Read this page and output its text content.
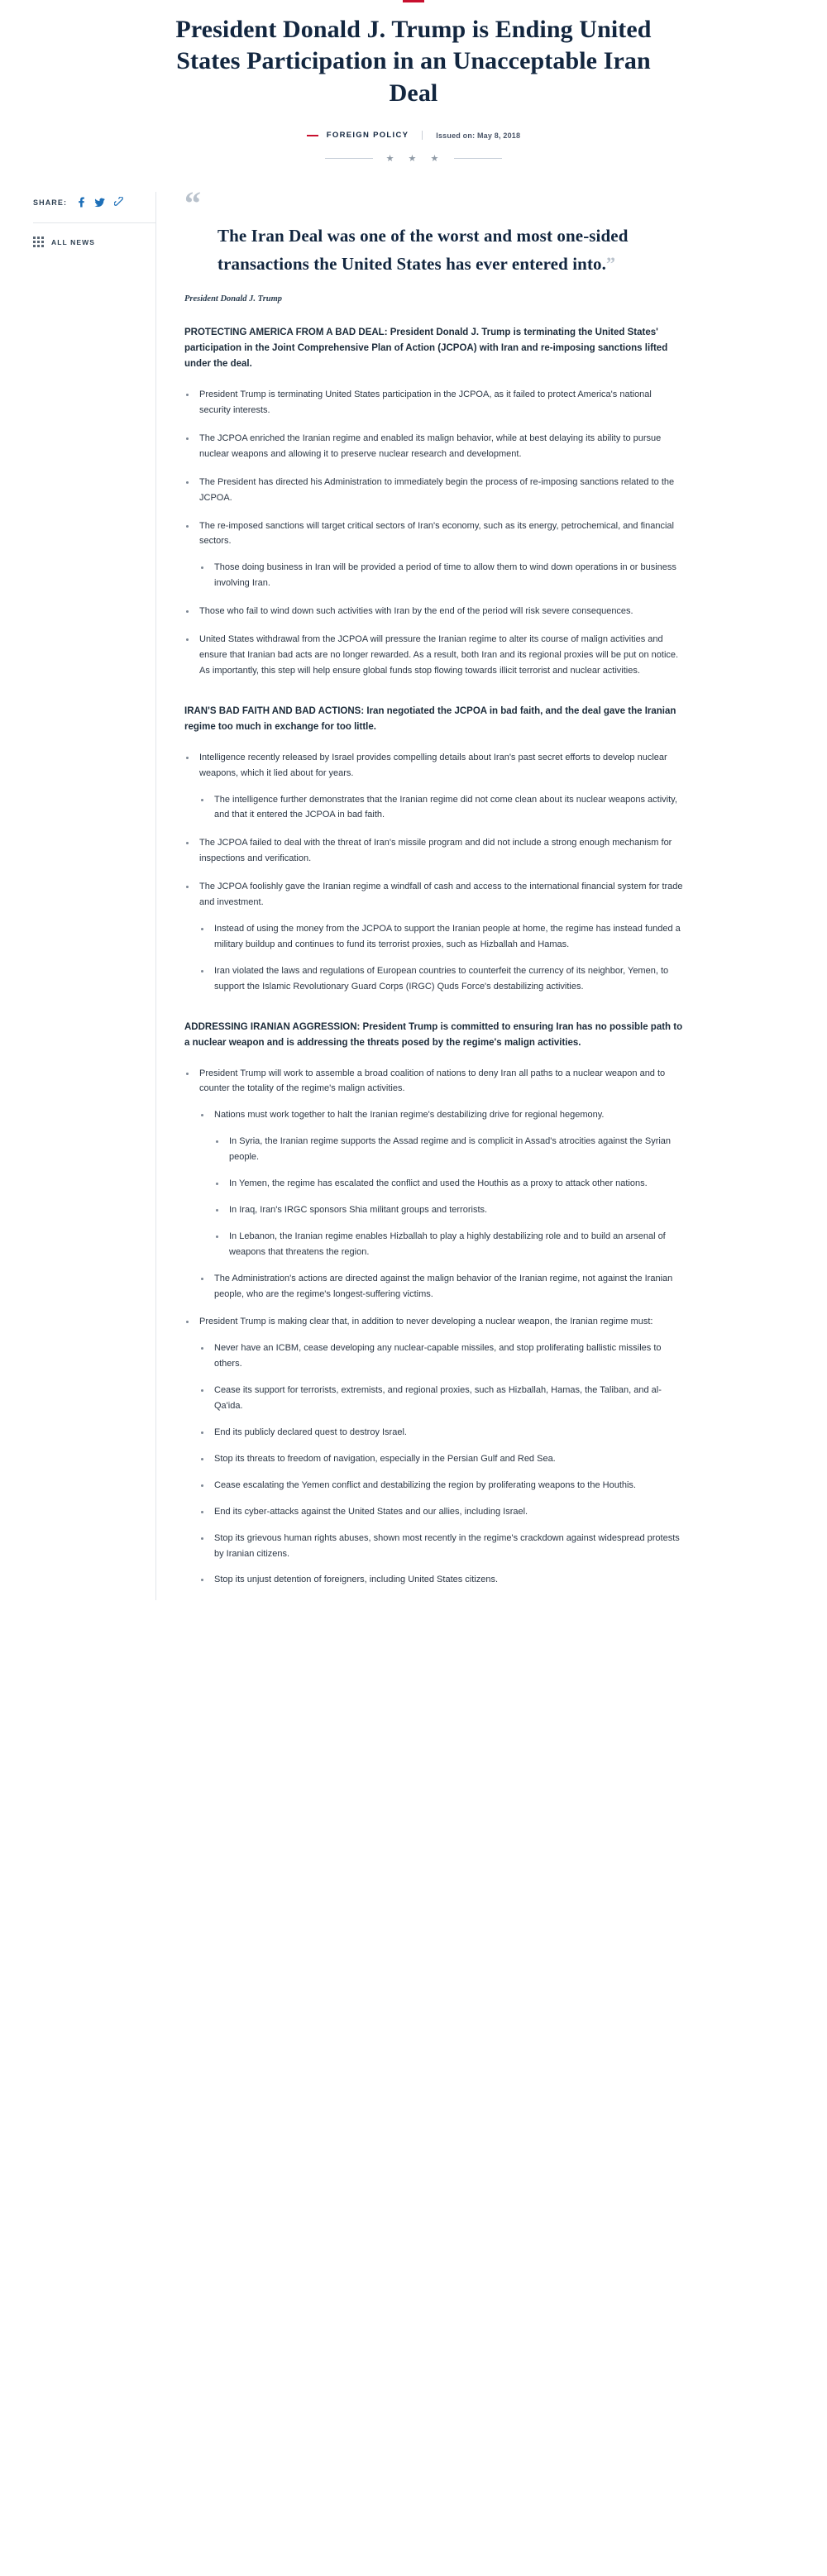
President Donald J. Trump is Ending United States Participation in an Unacceptable Iran Deal
FOREIGN POLICY	Issued on: May 8, 2018
★ ★ ★
SHARE:
ALL NEWS
“
The Iran Deal was one of the worst and most one-sided transactions the United States has ever entered into.”
President Donald J. Trump
PROTECTING AMERICA FROM A BAD DEAL: President Donald J. Trump is terminating the United States' participation in the Joint Comprehensive Plan of Action (JCPOA) with Iran and re-imposing sanctions lifted under the deal.
President Trump is terminating United States participation in the JCPOA, as it failed to protect America's national security interests.
The JCPOA enriched the Iranian regime and enabled its malign behavior, while at best delaying its ability to pursue nuclear weapons and allowing it to preserve nuclear research and development.
The President has directed his Administration to immediately begin the process of re-imposing sanctions related to the JCPOA.
The re-imposed sanctions will target critical sectors of Iran's economy, such as its energy, petrochemical, and financial sectors.
Those doing business in Iran will be provided a period of time to allow them to wind down operations in or business involving Iran.
Those who fail to wind down such activities with Iran by the end of the period will risk severe consequences.
United States withdrawal from the JCPOA will pressure the Iranian regime to alter its course of malign activities and ensure that Iranian bad acts are no longer rewarded. As a result, both Iran and its regional proxies will be put on notice. As importantly, this step will help ensure global funds stop flowing towards illicit terrorist and nuclear activities.
IRAN'S BAD FAITH AND BAD ACTIONS: Iran negotiated the JCPOA in bad faith, and the deal gave the Iranian regime too much in exchange for too little.
Intelligence recently released by Israel provides compelling details about Iran's past secret efforts to develop nuclear weapons, which it lied about for years.
The intelligence further demonstrates that the Iranian regime did not come clean about its nuclear weapons activity, and that it entered the JCPOA in bad faith.
The JCPOA failed to deal with the threat of Iran's missile program and did not include a strong enough mechanism for inspections and verification.
The JCPOA foolishly gave the Iranian regime a windfall of cash and access to the international financial system for trade and investment.
Instead of using the money from the JCPOA to support the Iranian people at home, the regime has instead funded a military buildup and continues to fund its terrorist proxies, such as Hizballah and Hamas.
Iran violated the laws and regulations of European countries to counterfeit the currency of its neighbor, Yemen, to support the Islamic Revolutionary Guard Corps (IRGC) Quds Force's destabilizing activities.
ADDRESSING IRANIAN AGGRESSION: President Trump is committed to ensuring Iran has no possible path to a nuclear weapon and is addressing the threats posed by the regime's malign activities.
President Trump will work to assemble a broad coalition of nations to deny Iran all paths to a nuclear weapon and to counter the totality of the regime's malign activities.
Nations must work together to halt the Iranian regime's destabilizing drive for regional hegemony.
In Syria, the Iranian regime supports the Assad regime and is complicit in Assad's atrocities against the Syrian people.
In Yemen, the regime has escalated the conflict and used the Houthis as a proxy to attack other nations.
In Iraq, Iran's IRGC sponsors Shia militant groups and terrorists.
In Lebanon, the Iranian regime enables Hizballah to play a highly destabilizing role and to build an arsenal of weapons that threatens the region.
The Administration's actions are directed against the malign behavior of the Iranian regime, not against the Iranian people, who are the regime's longest-suffering victims.
President Trump is making clear that, in addition to never developing a nuclear weapon, the Iranian regime must:
Never have an ICBM, cease developing any nuclear-capable missiles, and stop proliferating ballistic missiles to others.
Cease its support for terrorists, extremists, and regional proxies, such as Hizballah, Hamas, the Taliban, and al-Qa'ida.
End its publicly declared quest to destroy Israel.
Stop its threats to freedom of navigation, especially in the Persian Gulf and Red Sea.
Cease escalating the Yemen conflict and destabilizing the region by proliferating weapons to the Houthis.
End its cyber-attacks against the United States and our allies, including Israel.
Stop its grievous human rights abuses, shown most recently in the regime's crackdown against widespread protests by Iranian citizens.
Stop its unjust detention of foreigners, including United States citizens.
